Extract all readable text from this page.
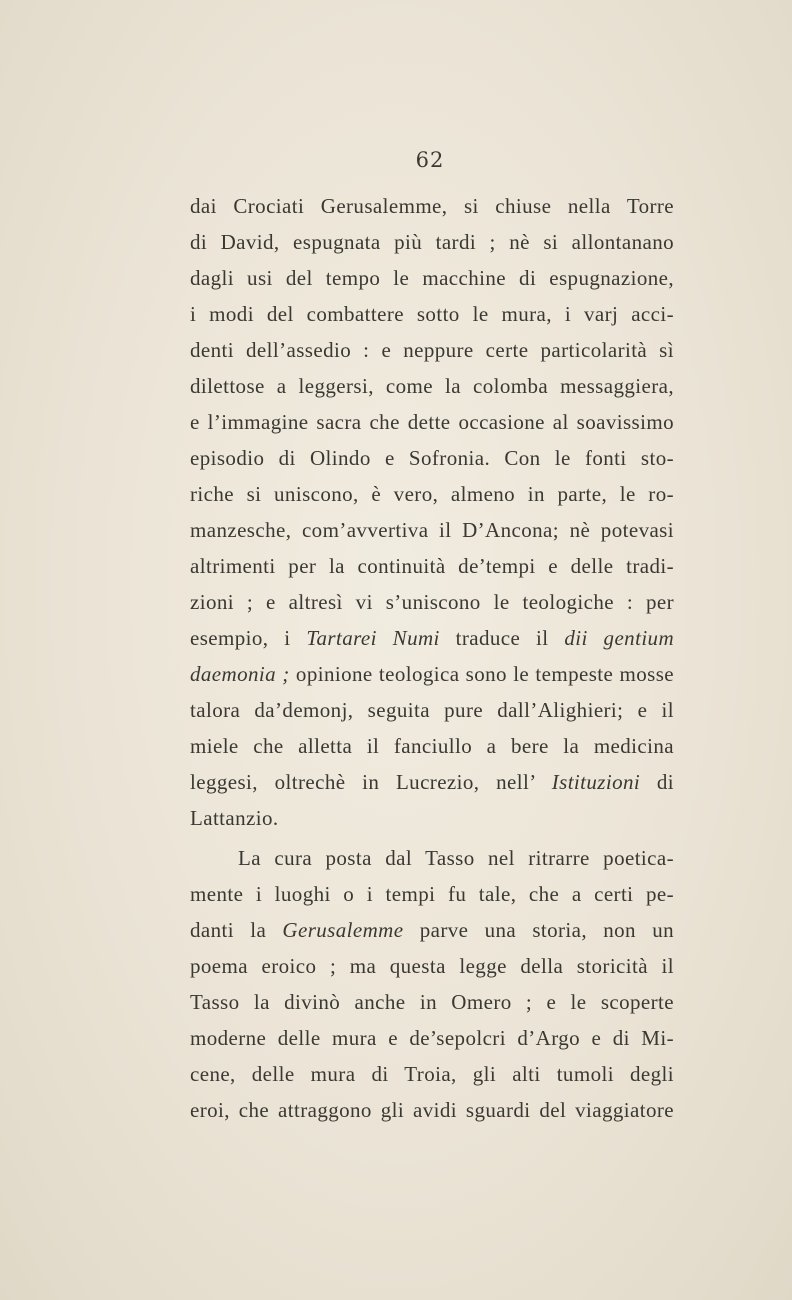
62
dai Crociati Gerusalemme, si chiuse nella Torre
di David, espugnata più tardi ; nè si allontanano
dagli usi del tempo le macchine di espugnazione,
i modi del combattere sotto le mura, i varj acci-
denti dell’assedio : e neppure certe particolarità sì
dilettose a leggersi, come la colomba messaggiera,
e l’immagine sacra che dette occasione al soavissimo
episodio di Olindo e Sofronia. Con le fonti sto-
riche si uniscono, è vero, almeno in parte, le ro-
manzesche, com’avvertiva il D’Ancona; nè potevasi
altrimenti per la continuità de’tempi e delle tradi-
zioni ; e altresì vi s’uniscono le teologiche : per
esempio, i Tartarei Numi traduce il dii gentium
daemonia ; opinione teologica sono le tempeste mosse
talora da’demonj, seguita pure dall’Alighieri; e il
miele che alletta il fanciullo a bere la medicina
leggesi, oltrechè in Lucrezio, nell’ Istituzioni di
Lattanzio.
La cura posta dal Tasso nel ritrarre poetica-
mente i luoghi o i tempi fu tale, che a certi pe-
danti la Gerusalemme parve una storia, non un
poema eroico ; ma questa legge della storicità il
Tasso la divinò anche in Omero ; e le scoperte
moderne delle mura e de’sepolcri d’Argo e di Mi-
cene, delle mura di Troia, gli alti tumoli degli
eroi, che attraggono gli avidi sguardi del viaggiatore
